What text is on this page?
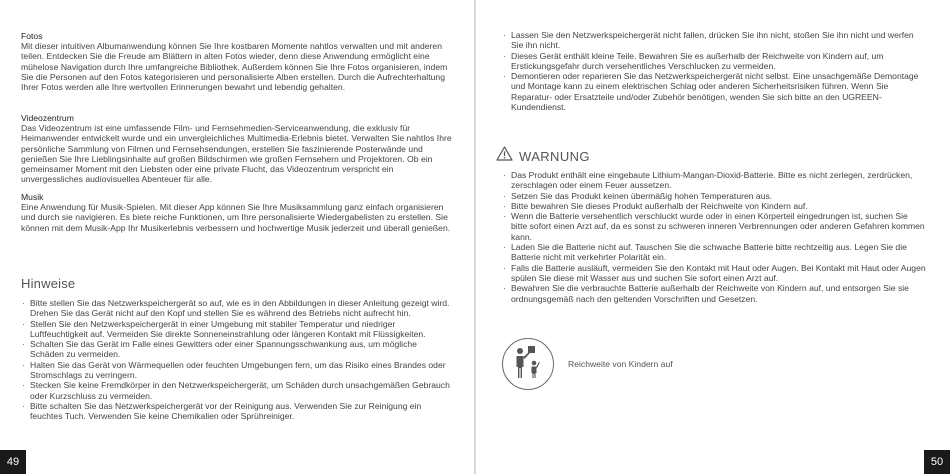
Fotos
Mit dieser intuitiven Albumanwendung können Sie Ihre kostbaren Momente nahtlos verwalten und mit anderen teilen. Entdecken Sie die Freude am Blättern in alten Fotos wieder, denn diese Anwendung ermöglicht eine mühelose Navigation durch Ihre umfangreiche Bibliothek. Außerdem können Sie Ihre Fotos organisieren, indem Sie die Personen auf den Fotos kategorisieren und personalisierte Alben erstellen. Durch die Aufrechterhaltung Ihrer Fotos werden alle Ihre wertvollen Erinnerungen bewahrt und lebendig gehalten.
Videozentrum
Das Videozentrum ist eine umfassende Film- und Fernsehmedien-Serviceanwendung, die exklusiv für Heimanwender entwickelt wurde und ein unvergleichliches Multimedia-Erlebnis bietet. Verwalten Sie nahtlos Ihre persönliche Sammlung von Filmen und Fernsehsendungen, erstellen Sie faszinierende Posterwände und genießen Sie Ihre Lieblingsinhalte auf großen Bildschirmen wie großen Fernsehern und Projektoren. Ob ein gemeinsamer Moment mit den Liebsten oder eine private Flucht, das Videozentrum verspricht ein unvergessliches audiovisuelles Abenteuer für alle.
Musik
Eine Anwendung für Musik-Spielen. Mit dieser App können Sie Ihre Musiksammlung ganz einfach organisieren und durch sie navigieren. Es biete reiche Funktionen, um Ihre personalisierte Wiedergabelisten zu erstellen. Sie können mit dem Musik-App Ihr Musikerlebnis verbessern und hochwertige Musik jederzeit und überall genießen.
Hinweise
· Bitte stellen Sie das Netzwerkspeichergerät so auf, wie es in den Abbildungen in dieser Anleitung gezeigt wird. Drehen Sie das Gerät nicht auf den Kopf und stellen Sie es während des Betriebs nicht aufrecht hin.
· Stellen Sie den Netzwerkspeichergerät in einer Umgebung mit stabiler Temperatur und niedriger Luftfeuchtigkeit auf. Vermeiden Sie direkte Sonneneinstrahlung oder längeren Kontakt mit Flüssigkeiten.
· Schalten Sie das Gerät im Falle eines Gewitters oder einer Spannungsschwankung aus, um mögliche Schäden zu vermeiden.
· Halten Sie das Gerät von Wärmequellen oder feuchten Umgebungen fern, um das Risiko eines Brandes oder Stromschlags zu verringern.
· Stecken Sie keine Fremdkörper in den Netzwerkspeichergerät, um Schäden durch unsachgemäßen Gebrauch oder Kurzschluss zu vermeiden.
· Bitte schalten Sie das Netzwerkspeichergerät vor der Reinigung aus. Verwenden Sie zur Reinigung ein feuchtes Tuch. Verwenden Sie keine Chemikalien oder Sprühreiniger.
49
· Lassen Sie den Netzwerkspeichergerät nicht fallen, drücken Sie ihn nicht, stoßen Sie ihn nicht und werfen Sie ihn nicht.
· Dieses Gerät enthält kleine Teile. Bewahren Sie es außerhalb der Reichweite von Kindern auf, um Erstickungsgefahr durch versehentliches Verschlucken zu vermeiden.
· Demontieren oder reparieren Sie das Netzwerkspeichergerät nicht selbst. Eine unsachgemäße Demontage und Montage kann zu einem elektrischen Schlag oder anderen Sicherheitsrisiken führen. Wenn Sie Reparatur- oder Ersatzteile und/oder Zubehör benötigen, wenden Sie sich bitte an den UGREEN-Kundendienst.
WARNUNG
· Das Produkt enthält eine eingebaute Lithium-Mangan-Dioxid-Batterie. Bitte es nicht zerlegen, zerdrücken, zerschlagen oder einem Feuer aussetzen.
· Setzen Sie das Produkt keinen übermäßig hohen Temperaturen aus.
· Bitte bewahren Sie dieses Produkt außerhalb der Reichweite von Kindern auf.
· Wenn die Batterie versehentlich verschluckt wurde oder in einen Körperteil eingedrungen ist, suchen Sie bitte sofort einen Arzt auf, da es sonst zu schweren inneren Verbrennungen oder anderen Gefahren kommen kann.
· Laden Sie die Batterie nicht auf. Tauschen Sie die schwache Batterie bitte rechtzeitig aus. Legen Sie die Batterie nicht mit verkehrter Polarität ein.
· Falls die Batterie ausläuft, vermeiden Sie den Kontakt mit Haut oder Augen. Bei Kontakt mit Haut oder Augen spülen Sie diese mit Wasser aus und suchen Sie sofort einen Arzt auf.
· Bewahren Sie die verbrauchte Batterie außerhalb der Reichweite von Kindern auf, und entsorgen Sie sie ordnungsgemäß nach den geltenden Vorschriften und Gesetzen.
Reichweite von Kindern auf
50
